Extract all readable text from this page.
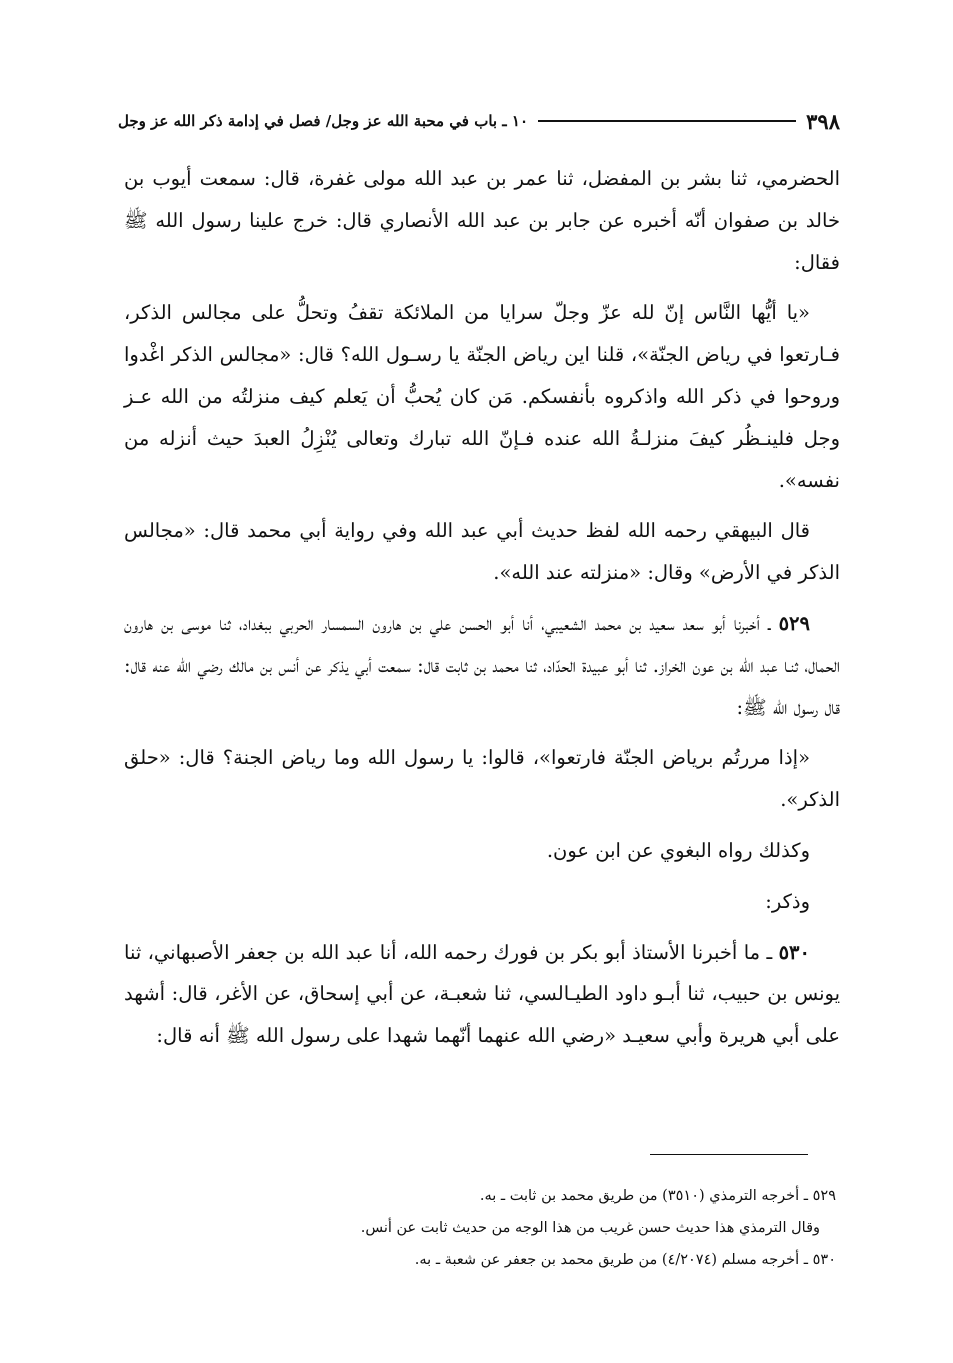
٣٩٨
١٠ ـ باب في محبة الله عز وجل/ فصل في إدامة ذكر الله عز وجل

الحضرمي، ثنا بشر بن المفضل، ثنا عمر بن عبد الله مولى غفرة، قال: سمعت أيوب بن خالد بن صفوان أنّه أخبره عن جابر بن عبد الله الأنصاري قال: خرج علينا رسول الله ﷺ فقال:

«يا أيُّها النَّاس إنّ لله عزّ وجلّ سرايا من الملائكة تقفُ وتحلُّ على مجالس الذكر، فـارتعوا في رياض الجنّة»، قلنا اين رياض الجنّة يا رسـول الله؟ قال: «مجالس الذكر اغْدوا وروحوا في ذكر الله واذكروه بأنفسكم. مَن كان يُحبُّ أن يَعلم كيف منزلتُه من الله عـز وجل فلينـظُر كيفَ منزلـةُ الله عنده فـإنّ الله تبارك وتعالى يُنْزِلُ العبدَ حيث أنزله من نفسه».

قال البيهقي رحمه الله لفظ حديث أبي عبد الله وفي رواية أبي محمد قال: «مجالس الذكر في الأرض» وقال: «منزلته عند الله».

٥٢٩ ـ أخبرنا أبو سعد سعيد بن محمد الشعيبي، أنا أبو الحسن علي بن هارون السمسار الحربي ببغداد، ثنا موسى بن هارون الحمال، ثنـا عبد الله بن عون الخراز. ثنا أبو عبيدة الحدّاد، ثنا محمد بن ثابت قال: سمعت أبي يذكر عن أنس بن مالك رضي الله عنه قال: قال رسول الله ﷺ:

«إذا مررتُم برياض الجنّة فارتعوا»، قالوا: يا رسول الله وما رياض الجنة؟ قال: «حلق الذكر».

وكذلك رواه البغوي عن ابن عون.

وذكر:

٥٣٠ ـ ما أخبرنا الأستاذ أبو بكر بن فورك رحمه الله، أنا عبد الله بن جعفر الأصبهاني، ثنا يونس بن حبيب، ثنا أبـو داود الطيـالسي، ثنا شعبـة، عن أبي إسحاق، عن الأغر، قال: أشهد على أبي هريرة وأبي سعيـد «رضي الله عنهما أنّهما شهدا على رسول الله ﷺ أنه قال:

٥٢٩ ـ أخرجه الترمذي (٣٥١٠) من طريق محمد بن ثابت ـ به.

وقال الترمذي هذا حديث حسن غريب من هذا الوجه من حديث ثابت عن أنس.

٥٣٠ ـ أخرجه مسلم (٤/٢٠٧٤) من طريق محمد بن جعفر عن شعبة ـ به.
